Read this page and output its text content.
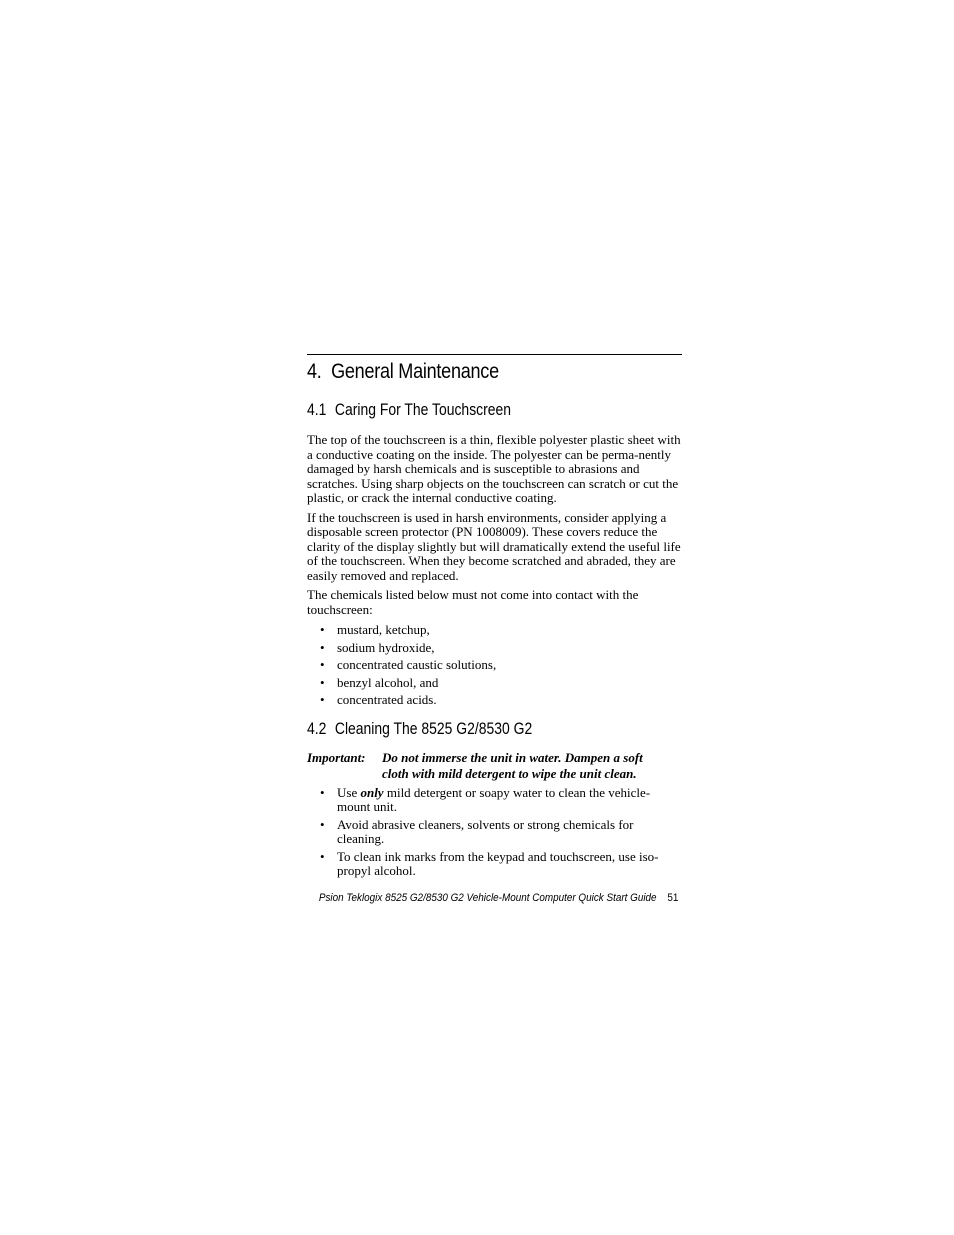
4. General Maintenance
4.1 Caring For The Touchscreen

The top of the touchscreen is a thin, flexible polyester plastic sheet with a conductive coating on the inside. The polyester can be perma-nently damaged by harsh chemicals and is susceptible to abrasions and scratches. Using sharp objects on the touchscreen can scratch or cut the plastic, or crack the internal conductive coating.

If the touchscreen is used in harsh environments, consider applying a disposable screen protector (PN 1008009). These covers reduce the clarity of the display slightly but will dramatically extend the useful life of the touchscreen. When they become scratched and abraded, they are easily removed and replaced.

The chemicals listed below must not come into contact with the touchscreen:

• mustard, ketchup,
• sodium hydroxide,
• concentrated caustic solutions,
• benzyl alcohol, and
• concentrated acids.
4.2 Cleaning The 8525 G2/8530 G2
Important:	Do not immerse the unit in water. Dampen a soft cloth with mild detergent to wipe the unit clean.
• Use only mild detergent or soapy water to clean the vehicle-mount unit.
• Avoid abrasive cleaners, solvents or strong chemicals for cleaning.
• To clean ink marks from the keypad and touchscreen, use iso-propyl alcohol.
Psion Teklogix 8525 G2/8530 G2 Vehicle-Mount Computer Quick Start Guide 51
